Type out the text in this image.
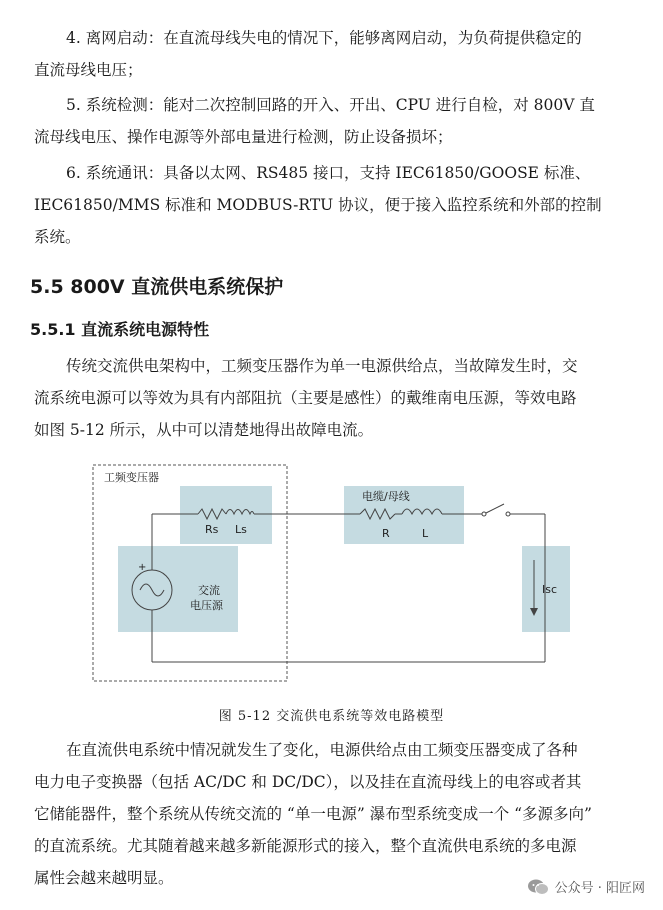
4. 离网启动：在直流母线失电的情况下，能够离网启动，为负荷提供稳定的
直流母线电压；
5. 系统检测：能对二次控制回路的开入、开出、CPU 进行自检，对 800V 直
流母线电压、操作电源等外部电量进行检测，防止设备损坏；
6. 系统通讯：具备以太网、RS485 接口，支持 IEC61850/GOOSE 标准、
IEC61850/MMS 标准和 MODBUS-RTU 协议，便于接入监控系统和外部的控制
系统。
5.5 800V 直流供电系统保护
5.5.1 直流系统电源特性
传统交流供电架构中，工频变压器作为单一电源供给点，当故障发生时，交
流系统电源可以等效为具有内部阻抗（主要是感性）的戴维南电压源，等效电路
如图 5-12 所示，从中可以清楚地得出故障电流。
工频变压器
Rs Ls
电缆/母线
R	L
+
交流
电压源
Isc
图 5-12 交流供电系统等效电路模型
在直流供电系统中情况就发生了变化，电源供给点由工频变压器变成了各种
电力电子变换器（包括 AC/DC 和 DC/DC），以及挂在直流母线上的电容或者其
它储能器件，整个系统从传统交流的 “单一电源” 瀑布型系统变成一个 “多源多向”
的直流系统。尤其随着越来越多新能源形式的接入，整个直流供电系统的多电源
属性会越来越明显。
公众号 · 阳匠网
